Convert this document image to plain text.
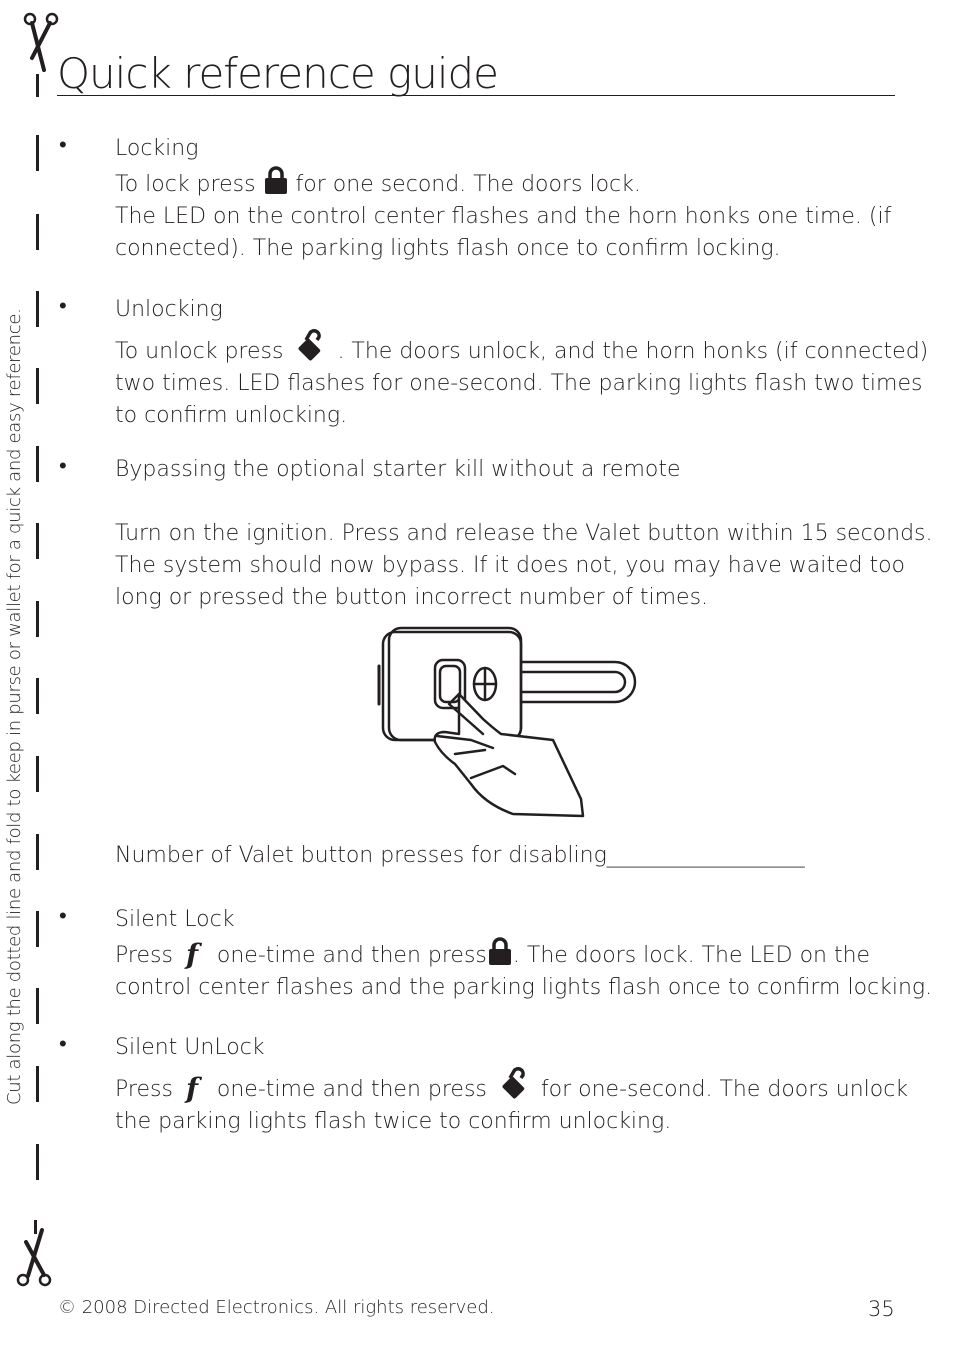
Quick reference guide
Cut along the dotted line and fold to keep in purse or wallet for a quick and easy reference.
• Locking
To lock press for one second. The doors lock.
The LED on the control center flashes and the horn honks one time. (if
connected). The parking lights flash once to confirm locking.
• Unlocking
To unlock press . The doors unlock, and the horn honks (if connected)
two times. LED flashes for one-second. The parking lights flash two times
to confirm unlocking.
• Bypassing the optional starter kill without a remote

Turn on the ignition. Press and release the Valet button within 15 seconds.
The system should now bypass. If it does not, you may have waited too
long or pressed the button incorrect number of times.
Number of Valet button presses for disabling__________________
• Silent Lock
Press f one-time and then press . The doors lock. The LED on the
control center flashes and the parking lights flash once to confirm locking.
• Silent UnLock
Press f one-time and then press for one-second. The doors unlock
the parking lights flash twice to confirm unlocking.
© 2008 Directed Electronics. All rights reserved.	35
